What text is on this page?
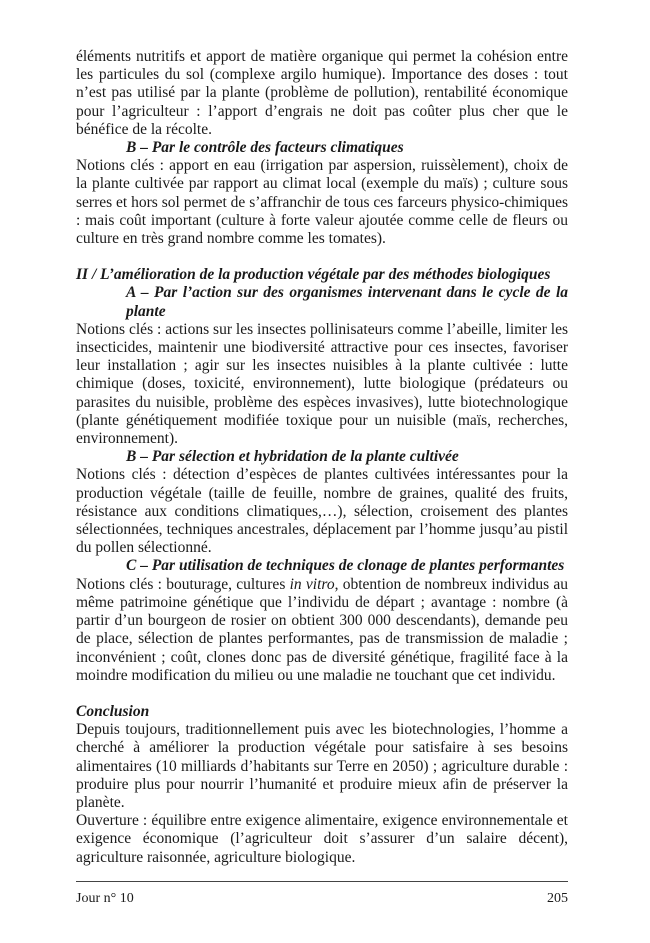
éléments nutritifs et apport de matière organique qui permet la cohésion entre les particules du sol (complexe argilo humique). Importance des doses : tout n’est pas utilisé par la plante (problème de pollution), rentabilité économique pour l’agriculteur : l’apport d’engrais ne doit pas coûter plus cher que le bénéfice de la récolte.

B – Par le contrôle des facteurs climatiques

Notions clés : apport en eau (irrigation par aspersion, ruissèlement), choix de la plante cultivée par rapport au climat local (exemple du maïs) ; culture sous serres et hors sol permet de s’affranchir de tous ces farceurs physico-chimiques : mais coût important (culture à forte valeur ajoutée comme celle de fleurs ou culture en très grand nombre comme les tomates).

II / L’amélioration de la production végétale par des méthodes biologiques

A – Par l’action sur des organismes intervenant dans le cycle de la plante

Notions clés : actions sur les insectes pollinisateurs comme l’abeille, limiter les insecticides, maintenir une biodiversité attractive pour ces insectes, favoriser leur installation ; agir sur les insectes nuisibles à la plante cultivée : lutte chimique (doses, toxicité, environnement), lutte biologique (prédateurs ou parasites du nuisible, problème des espèces invasives), lutte biotechnologique (plante génétiquement modifiée toxique pour un nuisible (maïs, recherches, environnement).

B – Par sélection et hybridation de la plante cultivée

Notions clés : détection d’espèces de plantes cultivées intéressantes pour la production végétale (taille de feuille, nombre de graines, qualité des fruits, résistance aux conditions climatiques,…), sélection, croisement des plantes sélectionnées, techniques ancestrales, déplacement par l’homme jusqu’au pistil du pollen sélectionné.

C – Par utilisation de techniques de clonage de plantes performantes

Notions clés : bouturage, cultures in vitro, obtention de nombreux individus au même patrimoine génétique que l’individu de départ ; avantage : nombre (à partir d’un bourgeon de rosier on obtient 300 000 descendants), demande peu de place, sélection de plantes performantes, pas de transmission de maladie ; inconvénient ; coût, clones donc pas de diversité génétique, fragilité face à la moindre modification du milieu ou une maladie ne touchant que cet individu.

Conclusion

Depuis toujours, traditionnellement puis avec les biotechnologies, l’homme a cherché à améliorer la production végétale pour satisfaire à ses besoins alimentaires (10 milliards d’habitants sur Terre en 2050) ; agriculture durable : produire plus pour nourrir l’humanité et produire mieux afin de préserver la planète.

Ouverture : équilibre entre exigence alimentaire, exigence environnementale et exigence économique (l’agriculteur doit s’assurer d’un salaire décent), agriculture raisonnée, agriculture biologique.

Jour n° 10	205
